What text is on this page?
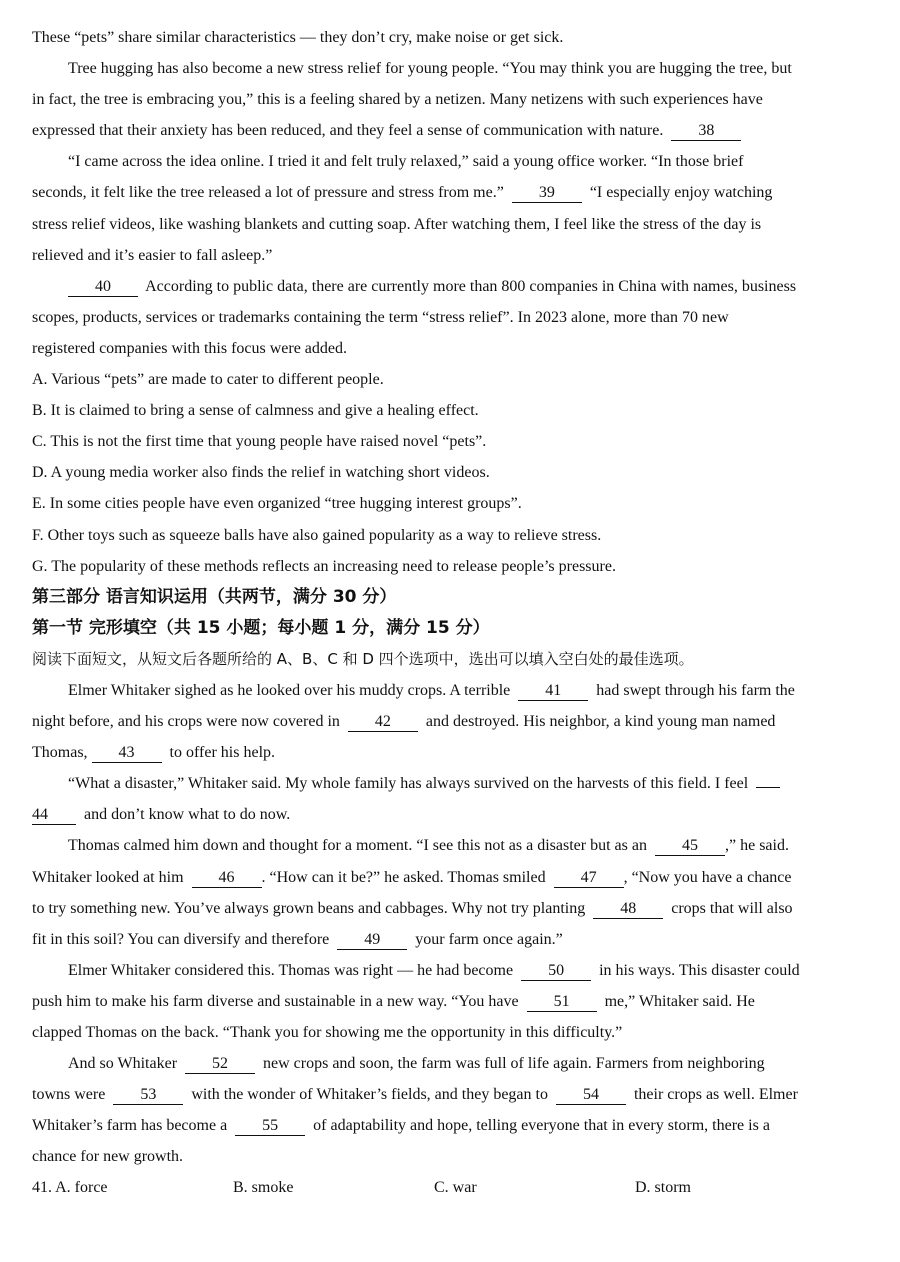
These “pets” share similar characteristics — they don’t cry, make noise or get sick.
Tree hugging has also become a new stress relief for young people. “You may think you are hugging the tree, but
in fact, the tree is embracing you,” this is a feeling shared by a netizen. Many netizens with such experiences have
expressed that their anxiety has been reduced, and they feel a sense of communication with nature. 38
“I came across the idea online. I tried it and felt truly relaxed,” said a young office worker. “In those brief
seconds, it felt like the tree released a lot of pressure and stress from me.” 39 “I especially enjoy watching
stress relief videos, like washing blankets and cutting soap. After watching them, I feel like the stress of the day is
relieved and it’s easier to fall asleep.”
40 According to public data, there are currently more than 800 companies in China with names, business
scopes, products, services or trademarks containing the term “stress relief”. In 2023 alone, more than 70 new
registered companies with this focus were added.
A. Various “pets” are made to cater to different people.
B. It is claimed to bring a sense of calmness and give a healing effect.
C. This is not the first time that young people have raised novel “pets”.
D. A young media worker also finds the relief in watching short videos.
E. In some cities people have even organized “tree hugging interest groups”.
F. Other toys such as squeeze balls have also gained popularity as a way to relieve stress.
G. The popularity of these methods reflects an increasing need to release people’s pressure.
第三部分 语言知识运用（共两节，满分 30 分）
第一节 完形填空（共 15 小题；每小题 1 分，满分 15 分）
阅读下面短文，从短文后各题所给的 A、B、C 和 D 四个选项中，选出可以填入空白处的最佳选项。
Elmer Whitaker sighed as he looked over his muddy crops. A terrible 41 had swept through his farm the
night before, and his crops were now covered in 42 and destroyed. His neighbor, a kind young man named
Thomas, 43 to offer his help.
“What a disaster,” Whitaker said. My whole family has always survived on the harvests of this field. I feel
44 and don’t know what to do now.
Thomas calmed him down and thought for a moment. “I see this not as a disaster but as an 45 ,” he said.
Whitaker looked at him 46 . “How can it be?” he asked. Thomas smiled 47 , “Now you have a chance
to try something new. You’ve always grown beans and cabbages. Why not try planting 48 crops that will also
fit in this soil? You can diversify and therefore 49 your farm once again.”
Elmer Whitaker considered this. Thomas was right — he had become 50 in his ways. This disaster could
push him to make his farm diverse and sustainable in a new way. “You have 51 me,” Whitaker said. He
clapped Thomas on the back. “Thank you for showing me the opportunity in this difficulty.”
And so Whitaker 52 new crops and soon, the farm was full of life again. Farmers from neighboring
towns were 53 with the wonder of Whitaker’s fields, and they began to 54 their crops as well. Elmer
Whitaker’s farm has become a 55 of adaptability and hope, telling everyone that in every storm, there is a
chance for new growth.
41. A. force	B. smoke	C. war	D. storm
